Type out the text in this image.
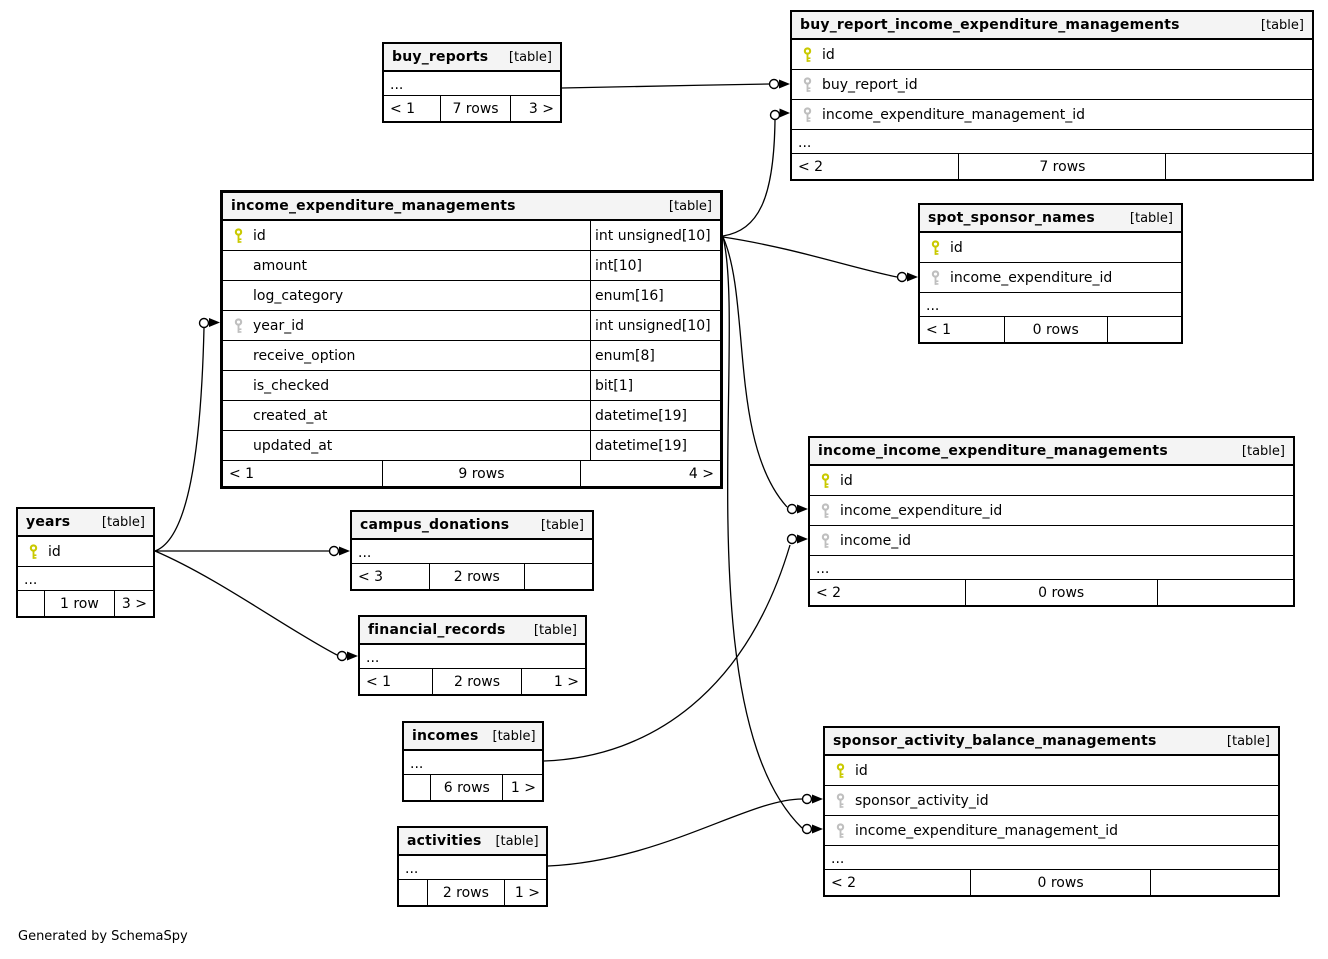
buy_reports [table]
...
< 1	7 rows	3 >
buy_report_income_expenditure_managements	[table]
id
buy_report_id
income_expenditure_management_id
...
< 2	7 rows
income_expenditure_managements	[table]
id	int unsigned[10]
amount	int[10]
log_category	enum[16]
year_id	int unsigned[10]
receive_option	enum[8]
is_checked	bit[1]
created_at	datetime[19]
updated_at	datetime[19]
< 1	9 rows	4 >
spot_sponsor_names	[table]
id
income_expenditure_id
...
< 1	0 rows
years [table]
id
...
1 row	3 >
campus_donations [table]
...
< 3	2 rows
financial_records [table]
...
< 1	2 rows	1 >
income_income_expenditure_managements	[table]
id
income_expenditure_id
income_id
...
< 2	0 rows
incomes [table]
...
6 rows	1 >
activities [table]
...
2 rows	1 >
sponsor_activity_balance_managements	[table]
id
sponsor_activity_id
income_expenditure_management_id
...
< 2	0 rows
Generated by SchemaSpy
